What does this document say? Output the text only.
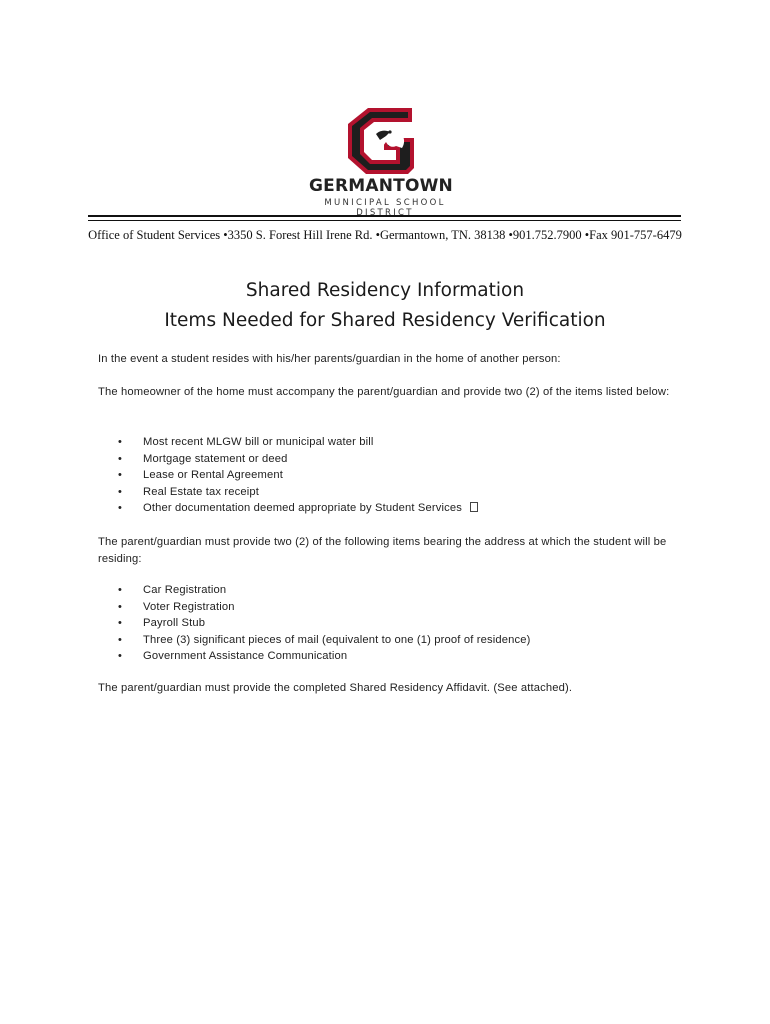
GERMANTOWN
MUNICIPAL SCHOOL DISTRICT
Office of Student Services •3350 S. Forest Hill Irene Rd. •Germantown, TN. 38138 •901.752.7900 •Fax 901-757-6479
Shared Residency Information
Items Needed for Shared Residency Verification
In the event a student resides with his/her parents/guardian in the home of another person:
The homeowner of the home must accompany the parent/guardian and provide two (2) of the items listed below:
• Most recent MLGW bill or municipal water bill
• Mortgage statement or deed
• Lease or Rental Agreement
• Real Estate tax receipt
• Other documentation deemed appropriate by Student Services
The parent/guardian must provide two (2) of the following items bearing the address at which the student will be residing:
• Car Registration
• Voter Registration
• Payroll Stub
• Three (3) significant pieces of mail (equivalent to one (1) proof of residence)
• Government Assistance Communication
The parent/guardian must provide the completed Shared Residency Affidavit. (See attached).
